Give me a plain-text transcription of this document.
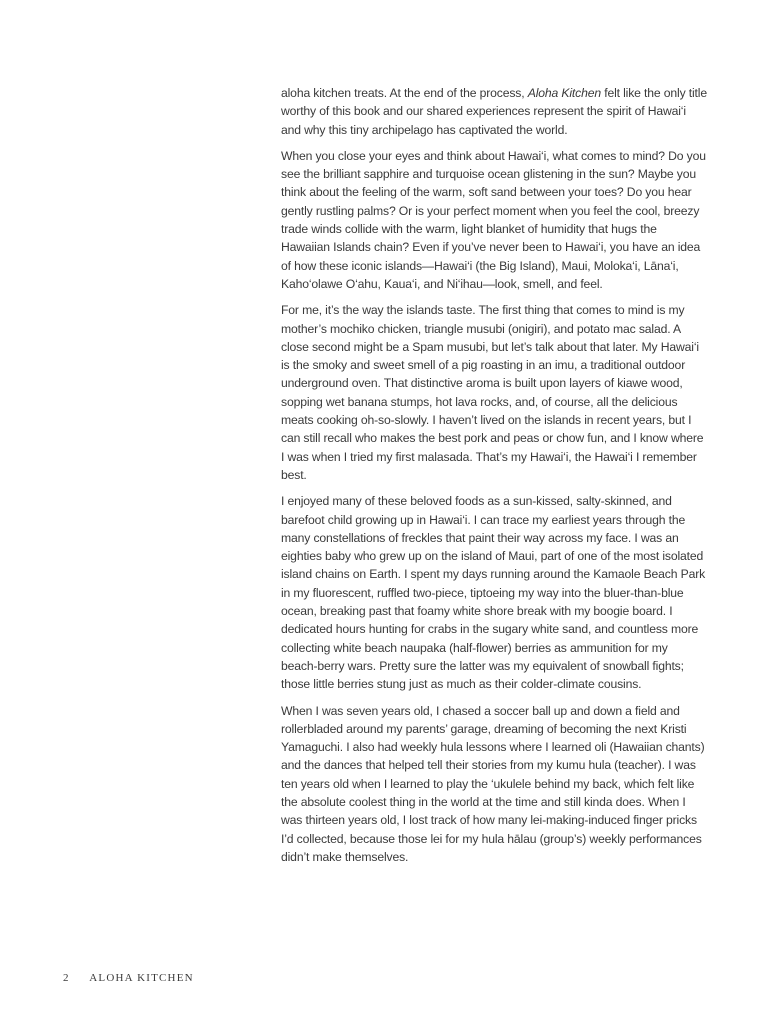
aloha kitchen treats. At the end of the process, Aloha Kitchen felt like the only title worthy of this book and our shared experiences represent the spirit of Hawai‘i and why this tiny archipelago has captivated the world.

When you close your eyes and think about Hawai‘i, what comes to mind? Do you see the brilliant sapphire and turquoise ocean glistening in the sun? Maybe you think about the feeling of the warm, soft sand between your toes? Do you hear gently rustling palms? Or is your perfect moment when you feel the cool, breezy trade winds collide with the warm, light blanket of humidity that hugs the Hawaiian Islands chain? Even if you’ve never been to Hawai‘i, you have an idea of how these iconic islands—Hawai‘i (the Big Island), Maui, Moloka‘i, Lāna‘i, Kaho‘olawe O‘ahu, Kaua‘i, and Ni‘ihau—look, smell, and feel.

For me, it’s the way the islands taste. The first thing that comes to mind is my mother’s mochiko chicken, triangle musubi (onigiri), and potato mac salad. A close second might be a Spam musubi, but let’s talk about that later. My Hawai‘i is the smoky and sweet smell of a pig roasting in an imu, a traditional outdoor underground oven. That distinctive aroma is built upon layers of kiawe wood, sopping wet banana stumps, hot lava rocks, and, of course, all the delicious meats cooking oh-so-slowly. I haven’t lived on the islands in recent years, but I can still recall who makes the best pork and peas or chow fun, and I know where I was when I tried my first malasada. That’s my Hawai‘i, the Hawai‘i I remember best.

I enjoyed many of these beloved foods as a sun-kissed, salty-skinned, and barefoot child growing up in Hawai‘i. I can trace my earliest years through the many constellations of freckles that paint their way across my face. I was an eighties baby who grew up on the island of Maui, part of one of the most isolated island chains on Earth. I spent my days running around the Kamaole Beach Park in my fluorescent, ruffled two-piece, tiptoeing my way into the bluer-than-blue ocean, breaking past that foamy white shore break with my boogie board. I dedicated hours hunting for crabs in the sugary white sand, and countless more collecting white beach naupaka (half-flower) berries as ammunition for my beach-berry wars. Pretty sure the latter was my equivalent of snowball fights; those little berries stung just as much as their colder-climate cousins.

When I was seven years old, I chased a soccer ball up and down a field and rollerbladed around my parents’ garage, dreaming of becoming the next Kristi Yamaguchi. I also had weekly hula lessons where I learned oli (Hawaiian chants) and the dances that helped tell their stories from my kumu hula (teacher). I was ten years old when I learned to play the ‘ukulele behind my back, which felt like the absolute coolest thing in the world at the time and still kinda does. When I was thirteen years old, I lost track of how many lei-making-induced finger pricks I’d collected, because those lei for my hula hālau (group’s) weekly performances didn’t make themselves.

2 ALOHA KITCHEN
